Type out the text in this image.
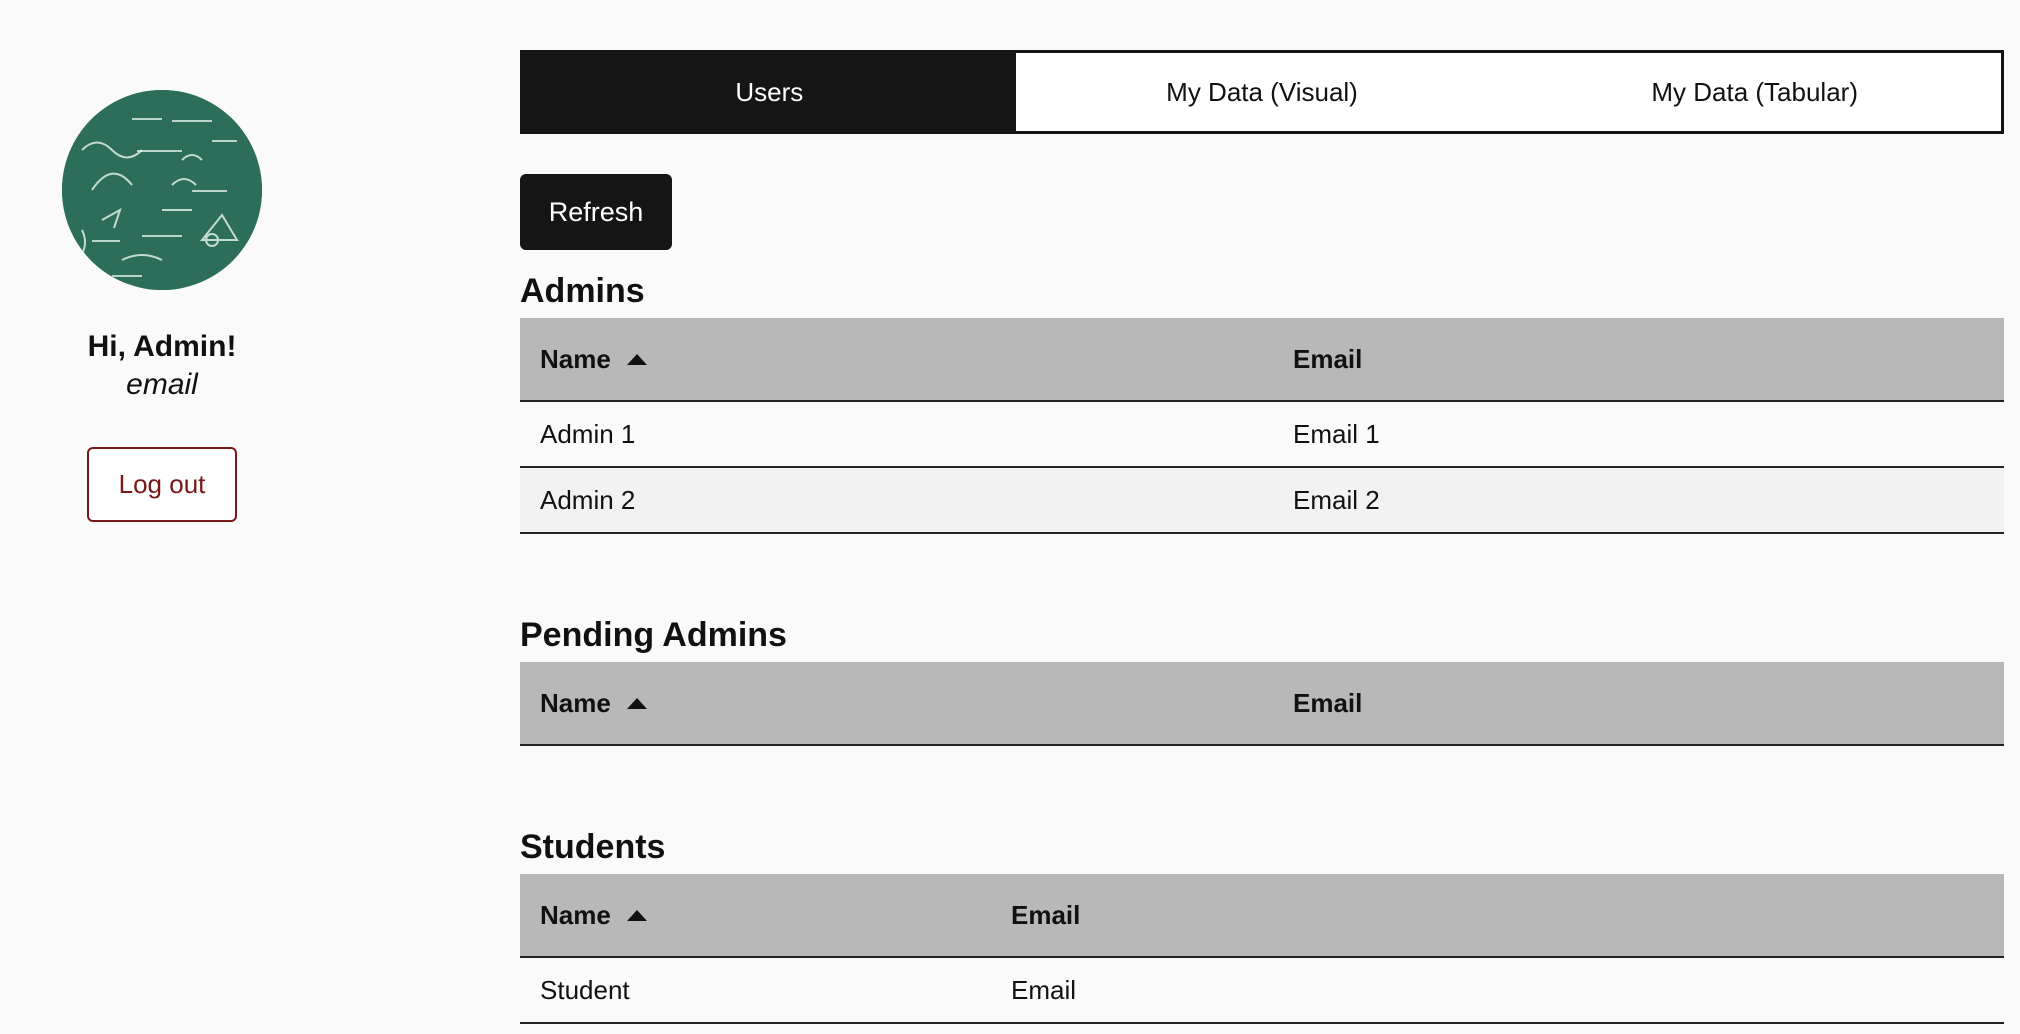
Hi, Admin!
email
Log out
Users	My Data (Visual)	My Data (Tabular)
Refresh
Admins
Name	Email
Admin 1	Email 1
Admin 2	Email 2
Pending Admins
Name	Email
Students
Name	Email
Student	Email
